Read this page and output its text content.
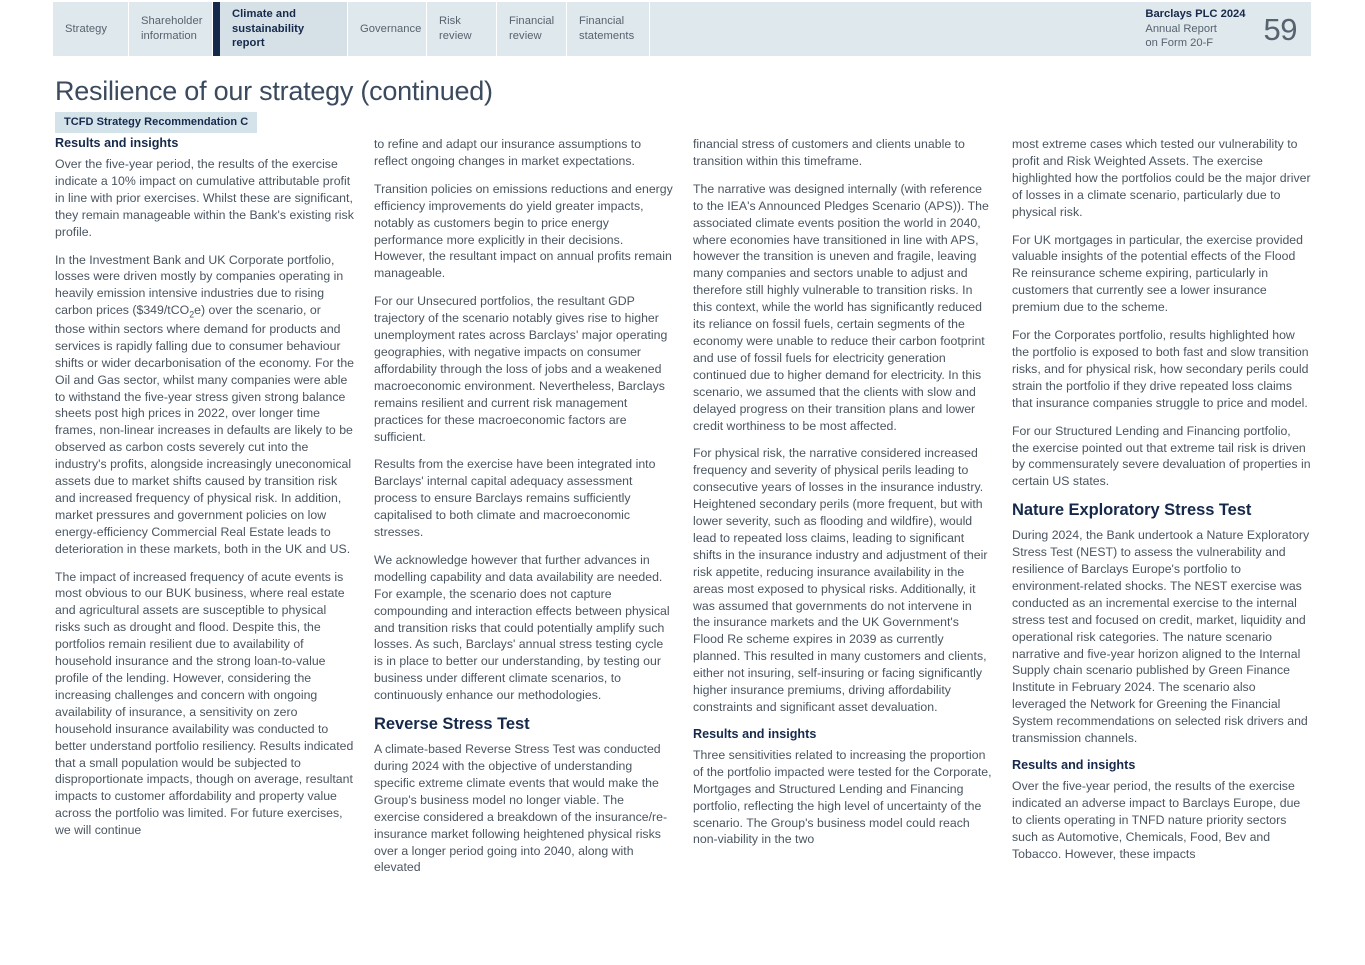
Strategy
Shareholder
information
Climate and
sustainability report
Governance
Risk
review
Financial
review
Financial
statements
Barclays PLC 2024
Annual Report
on Form 20-F	59
Resilience of our strategy (continued)
TCFD Strategy Recommendation C
Results and insights

Over the five-year period, the results of the exercise indicate a 10% impact on cumulative attributable profit in line with prior exercises. Whilst these are significant, they remain manageable within the Bank's existing risk profile.

In the Investment Bank and UK Corporate portfolio, losses were driven mostly by companies operating in heavily emission intensive industries due to rising carbon prices ($349/tCO$_2$e) over the scenario, or those within sectors where demand for products and services is rapidly falling due to consumer behaviour shifts or wider decarbonisation of the economy. For the Oil and Gas sector, whilst many companies were able to withstand the five-year stress given strong balance sheets post high prices in 2022, over longer time frames, non-linear increases in defaults are likely to be observed as carbon costs severely cut into the industry's profits, alongside increasingly uneconomical assets due to market shifts caused by transition risk and increased frequency of physical risk. In addition, market pressures and government policies on low energy-efficiency Commercial Real Estate leads to deterioration in these markets, both in the UK and US.

The impact of increased frequency of acute events is most obvious to our BUK business, where real estate and agricultural assets are susceptible to physical risks such as drought and flood. Despite this, the portfolios remain resilient due to availability of household insurance and the strong loan-to-value profile of the lending. However, considering the increasing challenges and concern with ongoing availability of insurance, a sensitivity on zero household insurance availability was conducted to better understand portfolio resiliency. Results indicated that a small population would be subjected to disproportionate impacts, though on average, resultant impacts to customer affordability and property value across the portfolio was limited. For future exercises, we will continue

to refine and adapt our insurance assumptions to reflect ongoing changes in market expectations.

Transition policies on emissions reductions and energy efficiency improvements do yield greater impacts, notably as customers begin to price energy performance more explicitly in their decisions. However, the resultant impact on annual profits remain manageable.

For our Unsecured portfolios, the resultant GDP trajectory of the scenario notably gives rise to higher unemployment rates across Barclays' major operating geographies, with negative impacts on consumer affordability through the loss of jobs and a weakened macroeconomic environment. Nevertheless, Barclays remains resilient and current risk management practices for these macroeconomic factors are sufficient.

Results from the exercise have been integrated into Barclays' internal capital adequacy assessment process to ensure Barclays remains sufficiently capitalised to both climate and macroeconomic stresses.

We acknowledge however that further advances in modelling capability and data availability are needed. For example, the scenario does not capture compounding and interaction effects between physical and transition risks that could potentially amplify such losses. As such, Barclays' annual stress testing cycle is in place to better our understanding, by testing our business under different climate scenarios, to continuously enhance our methodologies.

Reverse Stress Test

A climate-based Reverse Stress Test was conducted during 2024 with the objective of understanding specific extreme climate events that would make the Group's business model no longer viable. The exercise considered a breakdown of the insurance/re-insurance market following heightened physical risks over a longer period going into 2040, along with elevated

financial stress of customers and clients unable to transition within this timeframe.

The narrative was designed internally (with reference to the IEA's Announced Pledges Scenario (APS)). The associated climate events position the world in 2040, where economies have transitioned in line with APS, however the transition is uneven and fragile, leaving many companies and sectors unable to adjust and therefore still highly vulnerable to transition risks. In this context, while the world has significantly reduced its reliance on fossil fuels, certain segments of the economy were unable to reduce their carbon footprint and use of fossil fuels for electricity generation continued due to higher demand for electricity. In this scenario, we assumed that the clients with slow and delayed progress on their transition plans and lower credit worthiness to be most affected.

For physical risk, the narrative considered increased frequency and severity of physical perils leading to consecutive years of losses in the insurance industry. Heightened secondary perils (more frequent, but with lower severity, such as flooding and wildfire), would lead to repeated loss claims, leading to significant shifts in the insurance industry and adjustment of their risk appetite, reducing insurance availability in the areas most exposed to physical risks. Additionally, it was assumed that governments do not intervene in the insurance markets and the UK Government's Flood Re scheme expires in 2039 as currently planned. This resulted in many customers and clients, either not insuring, self-insuring or facing significantly higher insurance premiums, driving affordability constraints and significant asset devaluation.

Results and insights

Three sensitivities related to increasing the proportion of the portfolio impacted were tested for the Corporate, Mortgages and Structured Lending and Financing portfolio, reflecting the high level of uncertainty of the scenario. The Group's business model could reach non-viability in the two

most extreme cases which tested our vulnerability to profit and Risk Weighted Assets. The exercise highlighted how the portfolios could be the major driver of losses in a climate scenario, particularly due to physical risk.

For UK mortgages in particular, the exercise provided valuable insights of the potential effects of the Flood Re reinsurance scheme expiring, particularly in customers that currently see a lower insurance premium due to the scheme.

For the Corporates portfolio, results highlighted how the portfolio is exposed to both fast and slow transition risks, and for physical risk, how secondary perils could strain the portfolio if they drive repeated loss claims that insurance companies struggle to price and model.

For our Structured Lending and Financing portfolio, the exercise pointed out that extreme tail risk is driven by commensurately severe devaluation of properties in certain US states.

Nature Exploratory Stress Test

During 2024, the Bank undertook a Nature Exploratory Stress Test (NEST) to assess the vulnerability and resilience of Barclays Europe's portfolio to environment-related shocks. The NEST exercise was conducted as an incremental exercise to the internal stress test and focused on credit, market, liquidity and operational risk categories. The nature scenario narrative and five-year horizon aligned to the Internal Supply chain scenario published by Green Finance Institute in February 2024. The scenario also leveraged the Network for Greening the Financial System recommendations on selected risk drivers and transmission channels.

Results and insights

Over the five-year period, the results of the exercise indicated an adverse impact to Barclays Europe, due to clients operating in TNFD nature priority sectors such as Automotive, Chemicals, Food, Bev and Tobacco. However, these impacts
